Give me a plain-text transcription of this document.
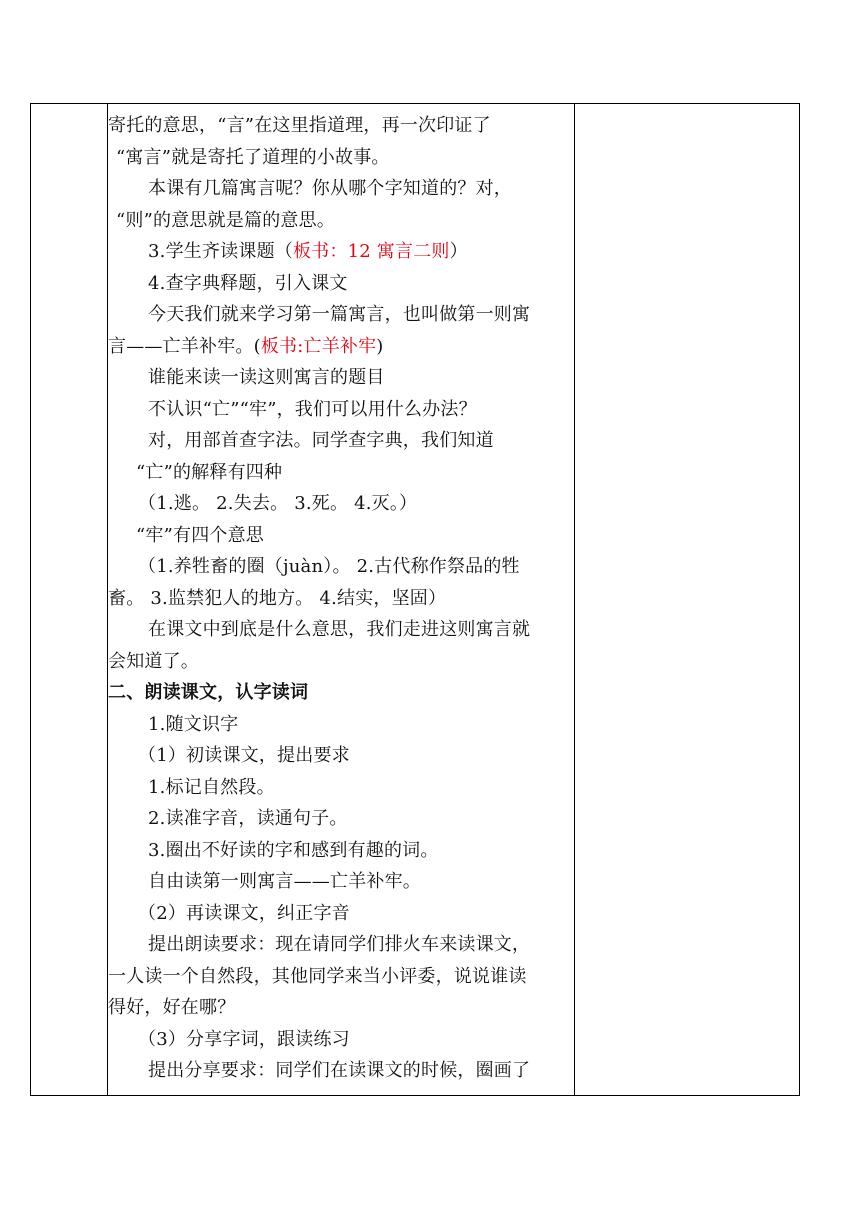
寄托的意思，“言”在这里指道理，再一次印证了
“寓言”就是寄托了道理的小故事。
本课有几篇寓言呢？你从哪个字知道的？对，
“则”的意思就是篇的意思。
3.学生齐读课题（板书：12 寓言二则）
4.查字典释题，引入课文
今天我们就来学习第一篇寓言，也叫做第一则寓
言——亡羊补牢。(板书:亡羊补牢)
谁能来读一读这则寓言的题目
不认识“亡”“牢”，我们可以用什么办法？
对，用部首查字法。同学查字典，我们知道
“亡”的解释有四种
（1.逃。 2.失去。 3.死。 4.灭。）
“牢”有四个意思
（1.养牲畜的圈（juàn）。 2.古代称作祭品的牲
畜。 3.监禁犯人的地方。 4.结实，坚固）
在课文中到底是什么意思，我们走进这则寓言就
会知道了。
二、朗读课文，认字读词
1.随文识字
（1）初读课文，提出要求
1.标记自然段。
2.读准字音，读通句子。
3.圈出不好读的字和感到有趣的词。
自由读第一则寓言——亡羊补牢。
（2）再读课文，纠正字音
提出朗读要求：现在请同学们排火车来读课文，
一人读一个自然段，其他同学来当小评委，说说谁读
得好，好在哪？
（3）分享字词，跟读练习
提出分享要求：同学们在读课文的时候，圈画了
